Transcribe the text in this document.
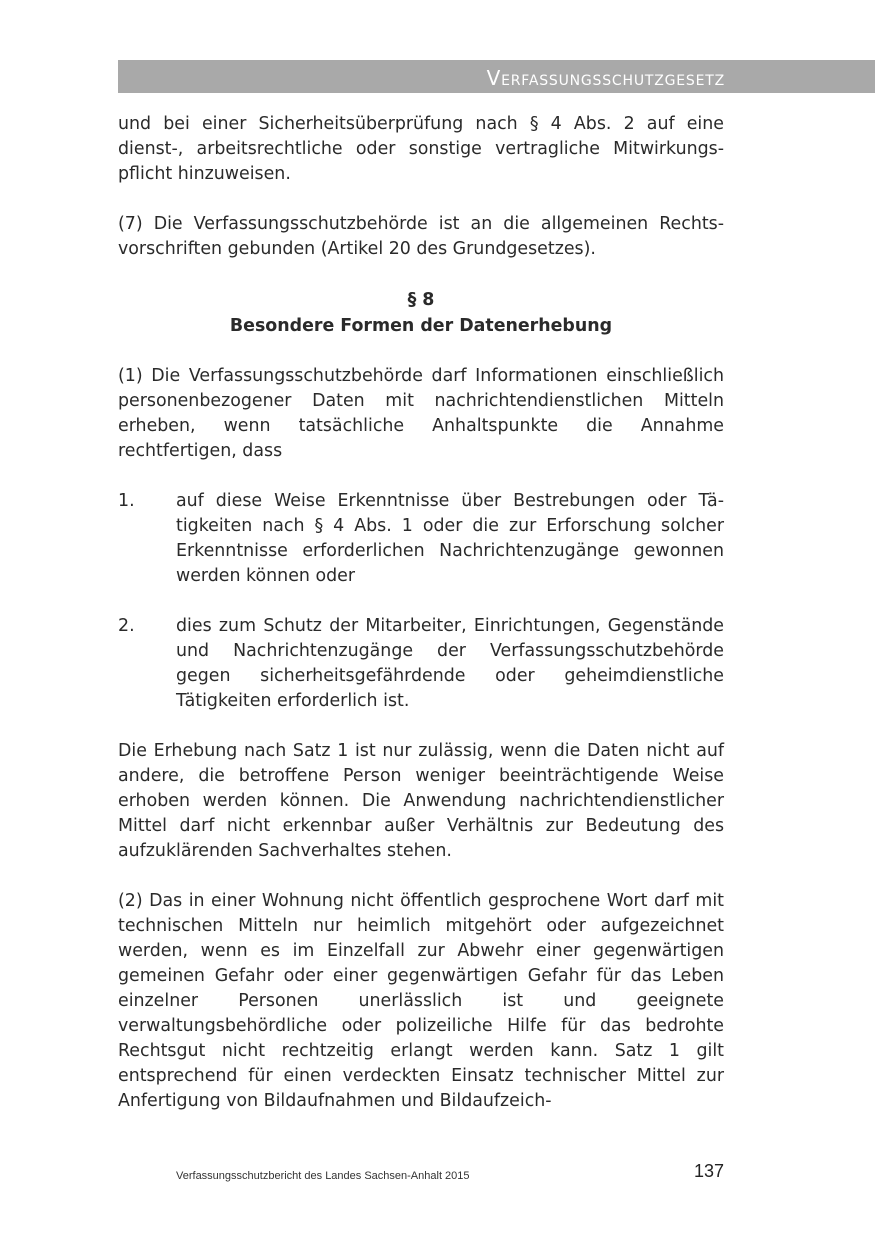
Verfassungsschutzgesetz

und bei einer Sicherheitsüberprüfung nach § 4 Abs. 2 auf eine dienst-, arbeitsrechtliche oder sonstige vertragliche Mitwirkungspflicht hinzuweisen.

(7) Die Verfassungsschutzbehörde ist an die allgemeinen Rechtsvorschriften gebunden (Artikel 20 des Grundgesetzes).

§ 8
Besondere Formen der Datenerhebung

(1) Die Verfassungsschutzbehörde darf Informationen einschließlich personenbezogener Daten mit nachrichtendienstlichen Mitteln erheben, wenn tatsächliche Anhaltspunkte die Annahme rechtfertigen, dass

1.	auf diese Weise Erkenntnisse über Bestrebungen oder Tätigkeiten nach § 4 Abs. 1 oder die zur Erforschung solcher Erkenntnisse erforderlichen Nachrichtenzugänge gewonnen werden können oder
2.	dies zum Schutz der Mitarbeiter, Einrichtungen, Gegenstände und Nachrichtenzugänge der Verfassungsschutzbehörde gegen sicherheitsgefährdende oder geheimdienstliche Tätigkeiten erforderlich ist.

Die Erhebung nach Satz 1 ist nur zulässig, wenn die Daten nicht auf andere, die betroffene Person weniger beeinträchtigende Weise erhoben werden können. Die Anwendung nachrichtendienstlicher Mittel darf nicht erkennbar außer Verhältnis zur Bedeutung des aufzuklärenden Sachverhaltes stehen.

(2) Das in einer Wohnung nicht öffentlich gesprochene Wort darf mit technischen Mitteln nur heimlich mitgehört oder aufgezeichnet werden, wenn es im Einzelfall zur Abwehr einer gegenwärtigen gemeinen Gefahr oder einer gegenwärtigen Gefahr für das Leben einzelner Personen unerlässlich ist und geeignete verwaltungsbehördliche oder polizeiliche Hilfe für das bedrohte Rechtsgut nicht rechtzeitig erlangt werden kann. Satz 1 gilt entsprechend für einen verdeckten Einsatz technischer Mittel zur Anfertigung von Bildaufnahmen und Bildaufzeich-

Verfassungsschutzbericht des Landes Sachsen-Anhalt 2015	137
